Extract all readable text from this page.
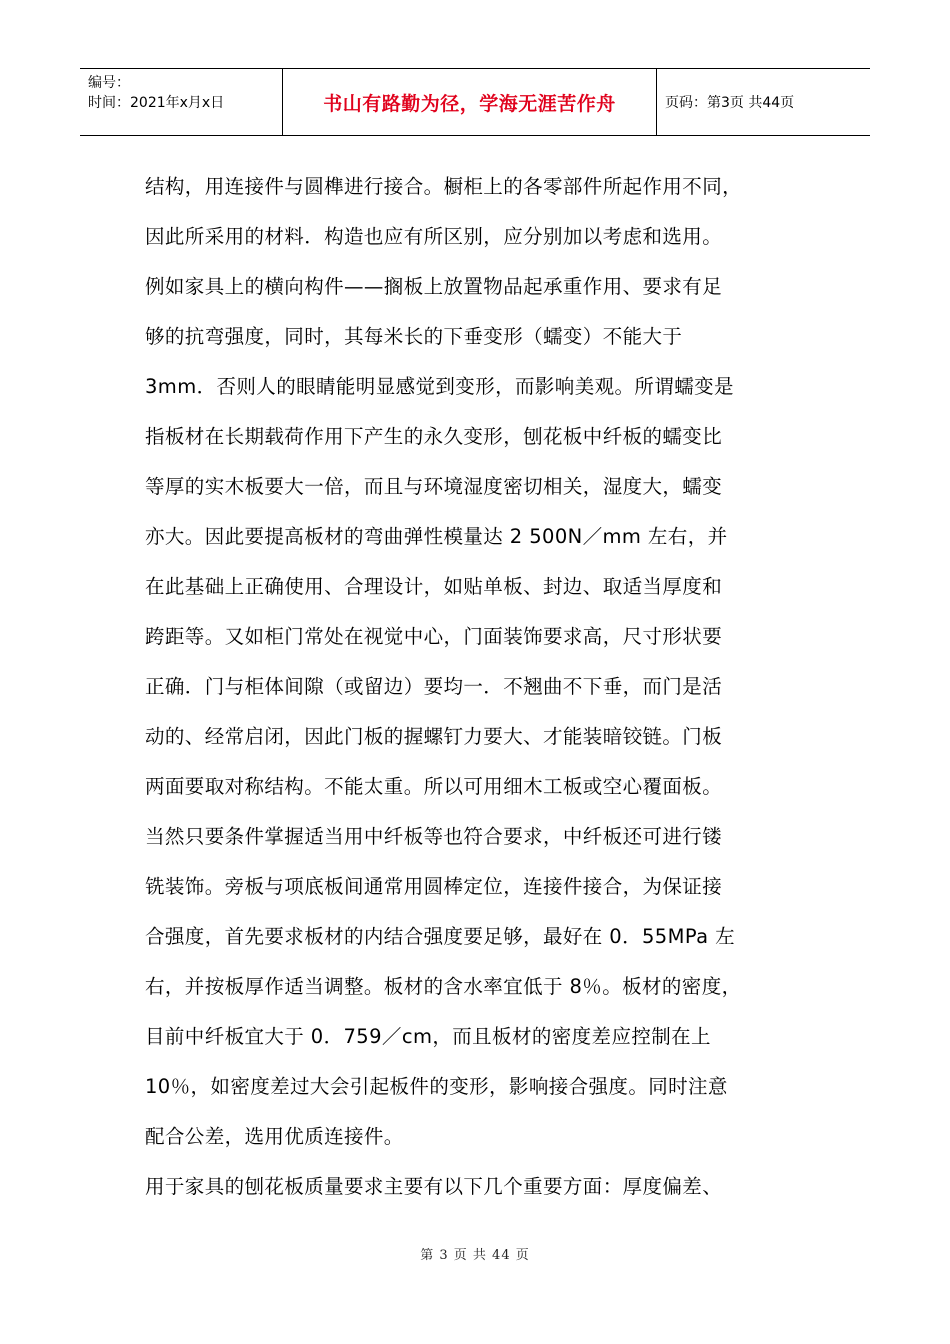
编号：
时间：2021年x月x日	书山有路勤为径，学海无涯苦作舟	页码：第3页 共44页

结构，用连接件与圆榫进行接合。橱柜上的各零部件所起作用不同，

因此所采用的材料．构造也应有所区别，应分别加以考虑和选用。

例如家具上的横向构件——搁板上放置物品起承重作用、要求有足

够的抗弯强度，同时，其每米长的下垂变形（蠕变）不能大于

3mm．否则人的眼睛能明显感觉到变形，而影响美观。所谓蠕变是

指板材在长期载荷作用下产生的永久变形，刨花板中纤板的蠕变比

等厚的实木板要大一倍，而且与环境湿度密切相关，湿度大，蠕变

亦大。因此要提高板材的弯曲弹性模量达 2 500N／mm 左右，并

在此基础上正确使用、合理设计，如贴单板、封边、取适当厚度和

跨距等。又如柜门常处在视觉中心，门面装饰要求高，尺寸形状要

正确．门与柜体间隙（或留边）要均一．不翘曲不下垂，而门是活

动的、经常启闭，因此门板的握螺钉力要大、才能装暗铰链。门板

两面要取对称结构。不能太重。所以可用细木工板或空心覆面板。

当然只要条件掌握适当用中纤板等也符合要求，中纤板还可进行镂

铣装饰。旁板与项底板间通常用圆棒定位，连接件接合，为保证接

合强度，首先要求板材的内结合强度要足够，最好在 0．55MPa 左

右，并按板厚作适当调整。板材的含水率宜低于 8％。板材的密度，

目前中纤板宜大于 0．759／cm，而且板材的密度差应控制在上

10％，如密度差过大会引起板件的变形，影响接合强度。同时注意

配合公差，选用优质连接件。

用于家具的刨花板质量要求主要有以下几个重要方面：厚度偏差、

第 3 页 共 44 页
